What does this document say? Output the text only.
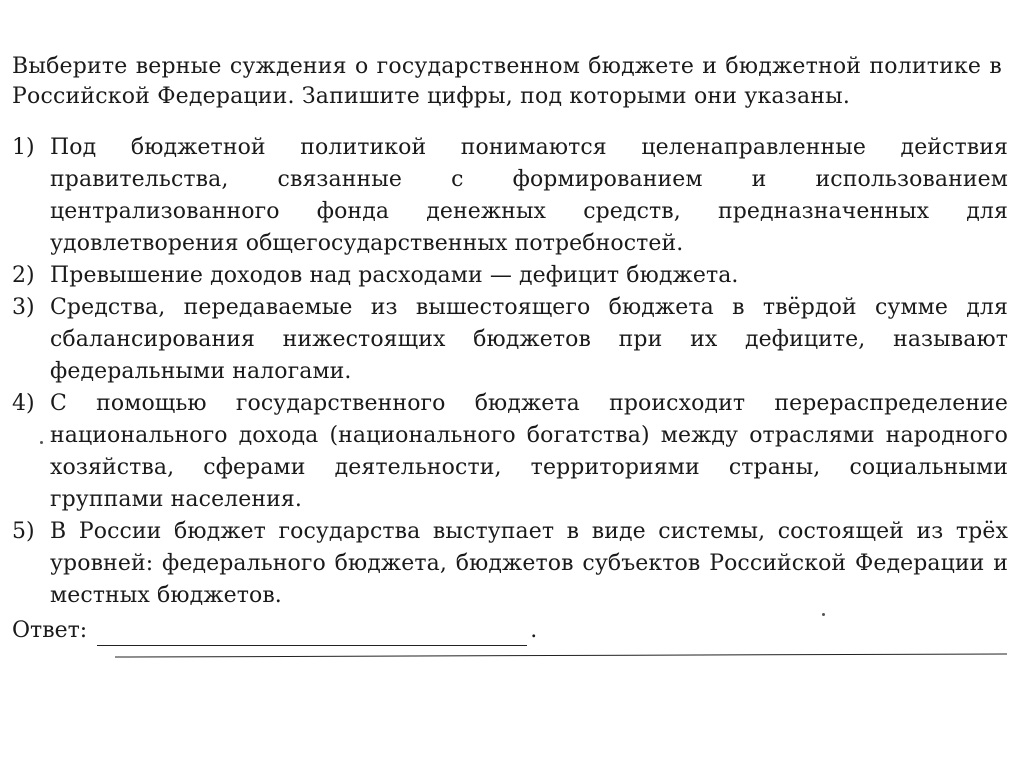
Выберите верные суждения о государственном бюджете и бюджетной политике в Российской Федерации. Запишите цифры, под которыми они указаны.
1) Под бюджетной политикой понимаются целенаправленные действия правительства, связанные с формированием и использованием централизованного фонда денежных средств, предназначенных для удовлетворения общегосударственных потребностей.
2) Превышение доходов над расходами — дефицит бюджета.
3) Средства, передаваемые из вышестоящего бюджета в твёрдой сумме для сбалансирования нижестоящих бюджетов при их дефиците, называют федеральными налогами.
4) С помощью государственного бюджета происходит перераспределение национального дохода (национального богатства) между отраслями народного хозяйства, сферами деятельности, территориями страны, социальными группами населения.
5) В России бюджет государства выступает в виде системы, состоящей из трёх уровней: федерального бюджета, бюджетов субъектов Российской Федерации и местных бюджетов.
Ответ:	.
